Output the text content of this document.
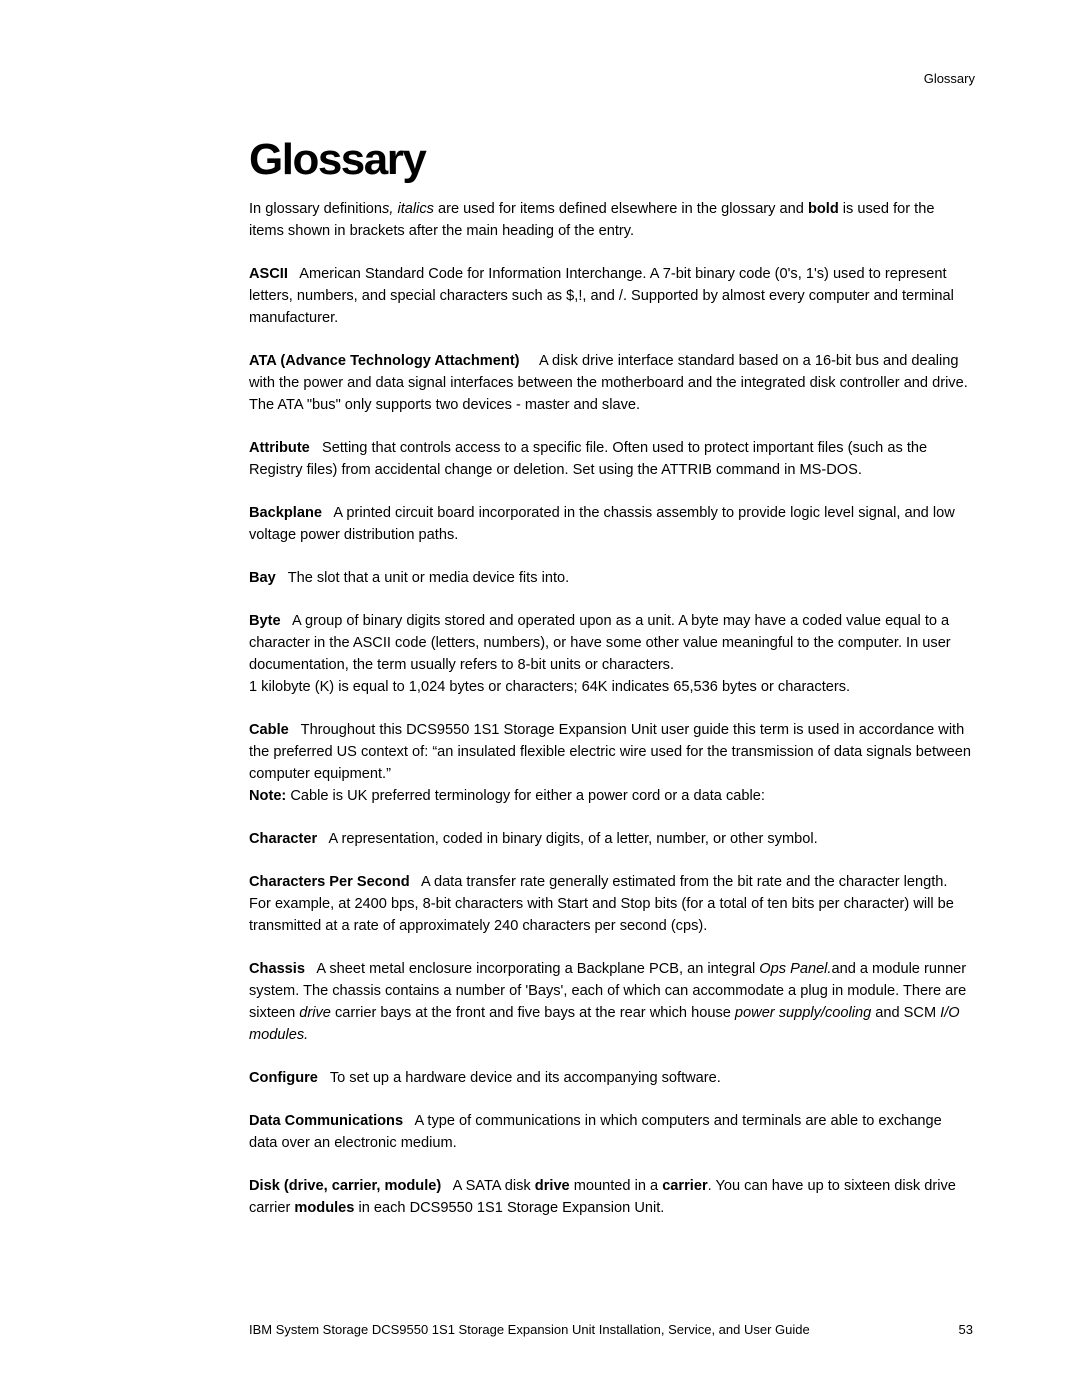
Glossary
Glossary

In glossary definitions, italics are used for items defined elsewhere in the glossary and bold is used for the items shown in brackets after the main heading of the entry.

ASCII American Standard Code for Information Interchange. A 7-bit binary code (0's, 1's) used to represent letters, numbers, and special characters such as $,!, and /. Supported by almost every computer and terminal manufacturer.

ATA (Advance Technology Attachment) A disk drive interface standard based on a 16-bit bus and dealing with the power and data signal interfaces between the motherboard and the integrated disk controller and drive. The ATA "bus" only supports two devices - master and slave.

Attribute Setting that controls access to a specific file. Often used to protect important files (such as the Registry files) from accidental change or deletion. Set using the ATTRIB command in MS-DOS.

Backplane A printed circuit board incorporated in the chassis assembly to provide logic level signal, and low voltage power distribution paths.

Bay The slot that a unit or media device fits into.

Byte A group of binary digits stored and operated upon as a unit. A byte may have a coded value equal to a character in the ASCII code (letters, numbers), or have some other value meaningful to the computer. In user documentation, the term usually refers to 8-bit units or characters.

1 kilobyte (K) is equal to 1,024 bytes or characters; 64K indicates 65,536 bytes or characters.

Cable Throughout this DCS9550 1S1 Storage Expansion Unit user guide this term is used in accordance with the preferred US context of: “an insulated flexible electric wire used for the transmission of data signals between computer equipment.”

Note: Cable is UK preferred terminology for either a power cord or a data cable:

Character A representation, coded in binary digits, of a letter, number, or other symbol.

Characters Per Second A data transfer rate generally estimated from the bit rate and the character length. For example, at 2400 bps, 8-bit characters with Start and Stop bits (for a total of ten bits per character) will be transmitted at a rate of approximately 240 characters per second (cps).

Chassis A sheet metal enclosure incorporating a Backplane PCB, an integral Ops Panel.and a module runner system. The chassis contains a number of 'Bays', each of which can accommodate a plug in module. There are sixteen drive carrier bays at the front and five bays at the rear which house power supply/cooling and SCM I/O modules.

Configure To set up a hardware device and its accompanying software.

Data Communications A type of communications in which computers and terminals are able to exchange data over an electronic medium.

Disk (drive, carrier, module) A SATA disk drive mounted in a carrier. You can have up to sixteen disk drive carrier modules in each DCS9550 1S1 Storage Expansion Unit.

IBM System Storage DCS9550 1S1 Storage Expansion Unit Installation, Service, and User Guide	53
